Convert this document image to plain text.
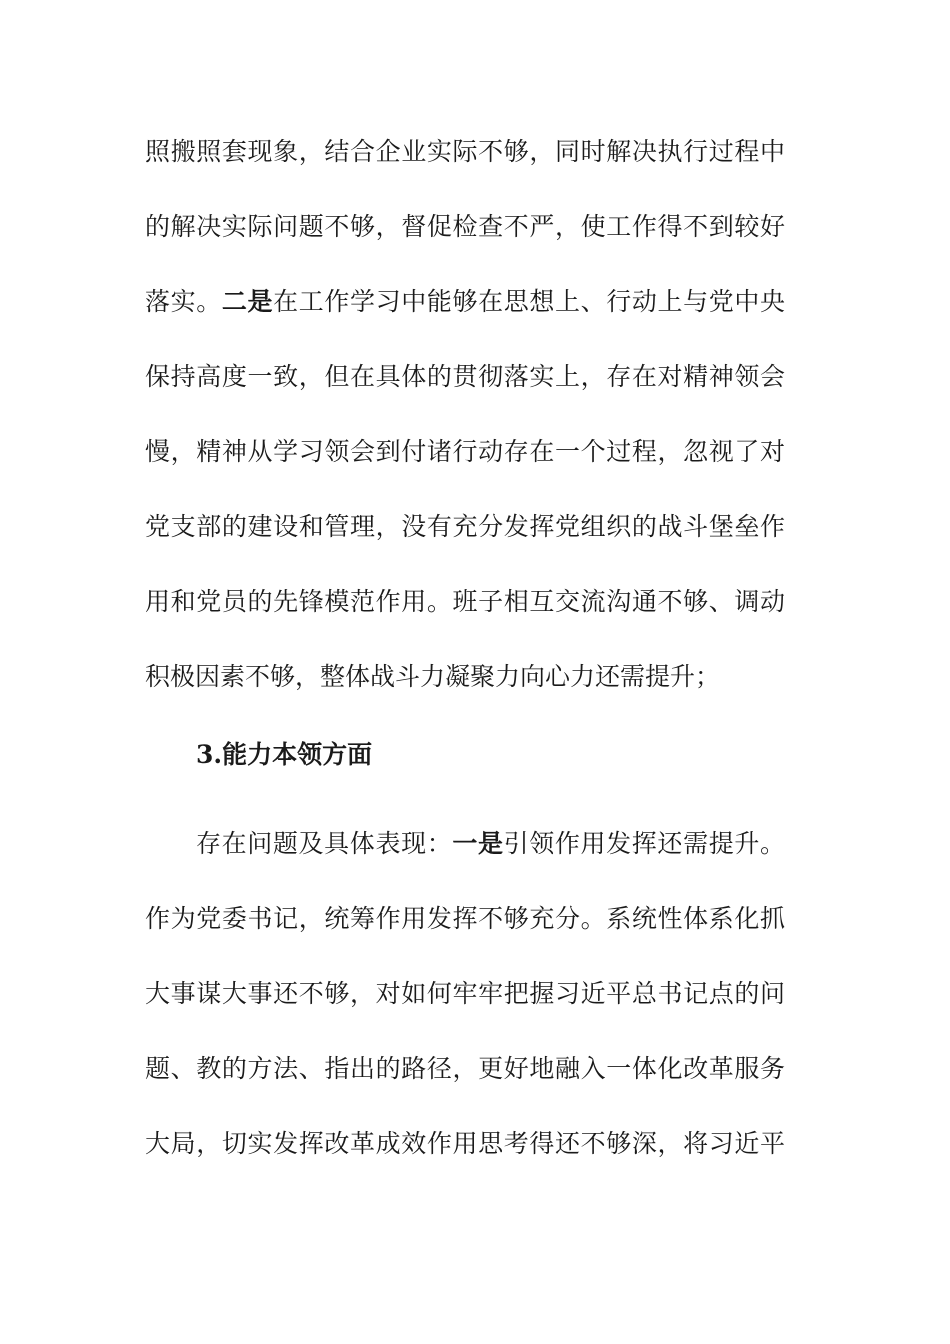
照搬照套现象，结合企业实际不够，同时解决执行过程中
的解决实际问题不够，督促检查不严，使工作得不到较好
落实。二是在工作学习中能够在思想上、行动上与党中央
保持高度一致，但在具体的贯彻落实上，存在对精神领会
慢，精神从学习领会到付诸行动存在一个过程，忽视了对
党支部的建设和管理，没有充分发挥党组织的战斗堡垒作
用和党员的先锋模范作用。班子相互交流沟通不够、调动
积极因素不够，整体战斗力凝聚力向心力还需提升；
3.能力本领方面
存在问题及具体表现：一是引领作用发挥还需提升。
作为党委书记，统筹作用发挥不够充分。系统性体系化抓
大事谋大事还不够，对如何牢牢把握习近平总书记点的问
题、教的方法、指出的路径，更好地融入一体化改革服务
大局，切实发挥改革成效作用思考得还不够深，将习近平
